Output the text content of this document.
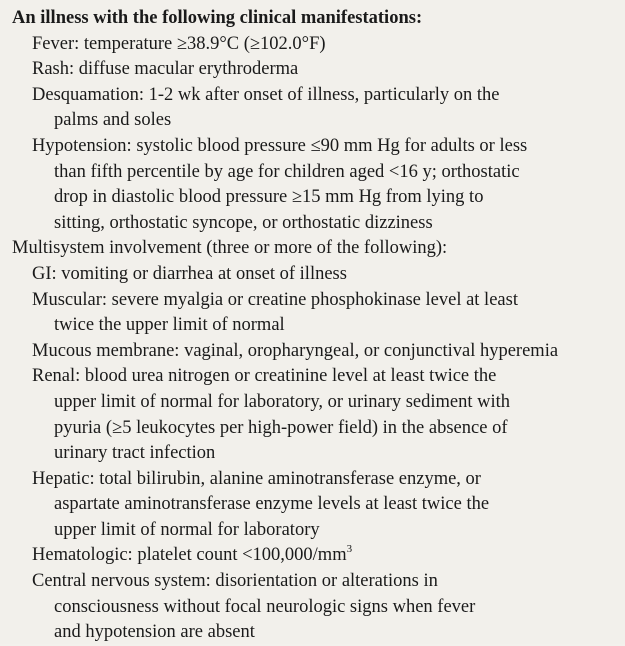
An illness with the following clinical manifestations:
Fever: temperature ≥38.9°C (≥102.0°F)
Rash: diffuse macular erythroderma
Desquamation: 1-2 wk after onset of illness, particularly on the
palms and soles
Hypotension: systolic blood pressure ≤90 mm Hg for adults or less
than fifth percentile by age for children aged <16 y; orthostatic
drop in diastolic blood pressure ≥15 mm Hg from lying to
sitting, orthostatic syncope, or orthostatic dizziness
Multisystem involvement (three or more of the following):
GI: vomiting or diarrhea at onset of illness
Muscular: severe myalgia or creatine phosphokinase level at least
twice the upper limit of normal
Mucous membrane: vaginal, oropharyngeal, or conjunctival hyperemia
Renal: blood urea nitrogen or creatinine level at least twice the
upper limit of normal for laboratory, or urinary sediment with
pyuria (≥5 leukocytes per high-power field) in the absence of
urinary tract infection
Hepatic: total bilirubin, alanine aminotransferase enzyme, or
aspartate aminotransferase enzyme levels at least twice the
upper limit of normal for laboratory
Hematologic: platelet count $<100,000/mm^3$
Central nervous system: disorientation or alterations in
consciousness without focal neurologic signs when fever
and hypotension are absent
